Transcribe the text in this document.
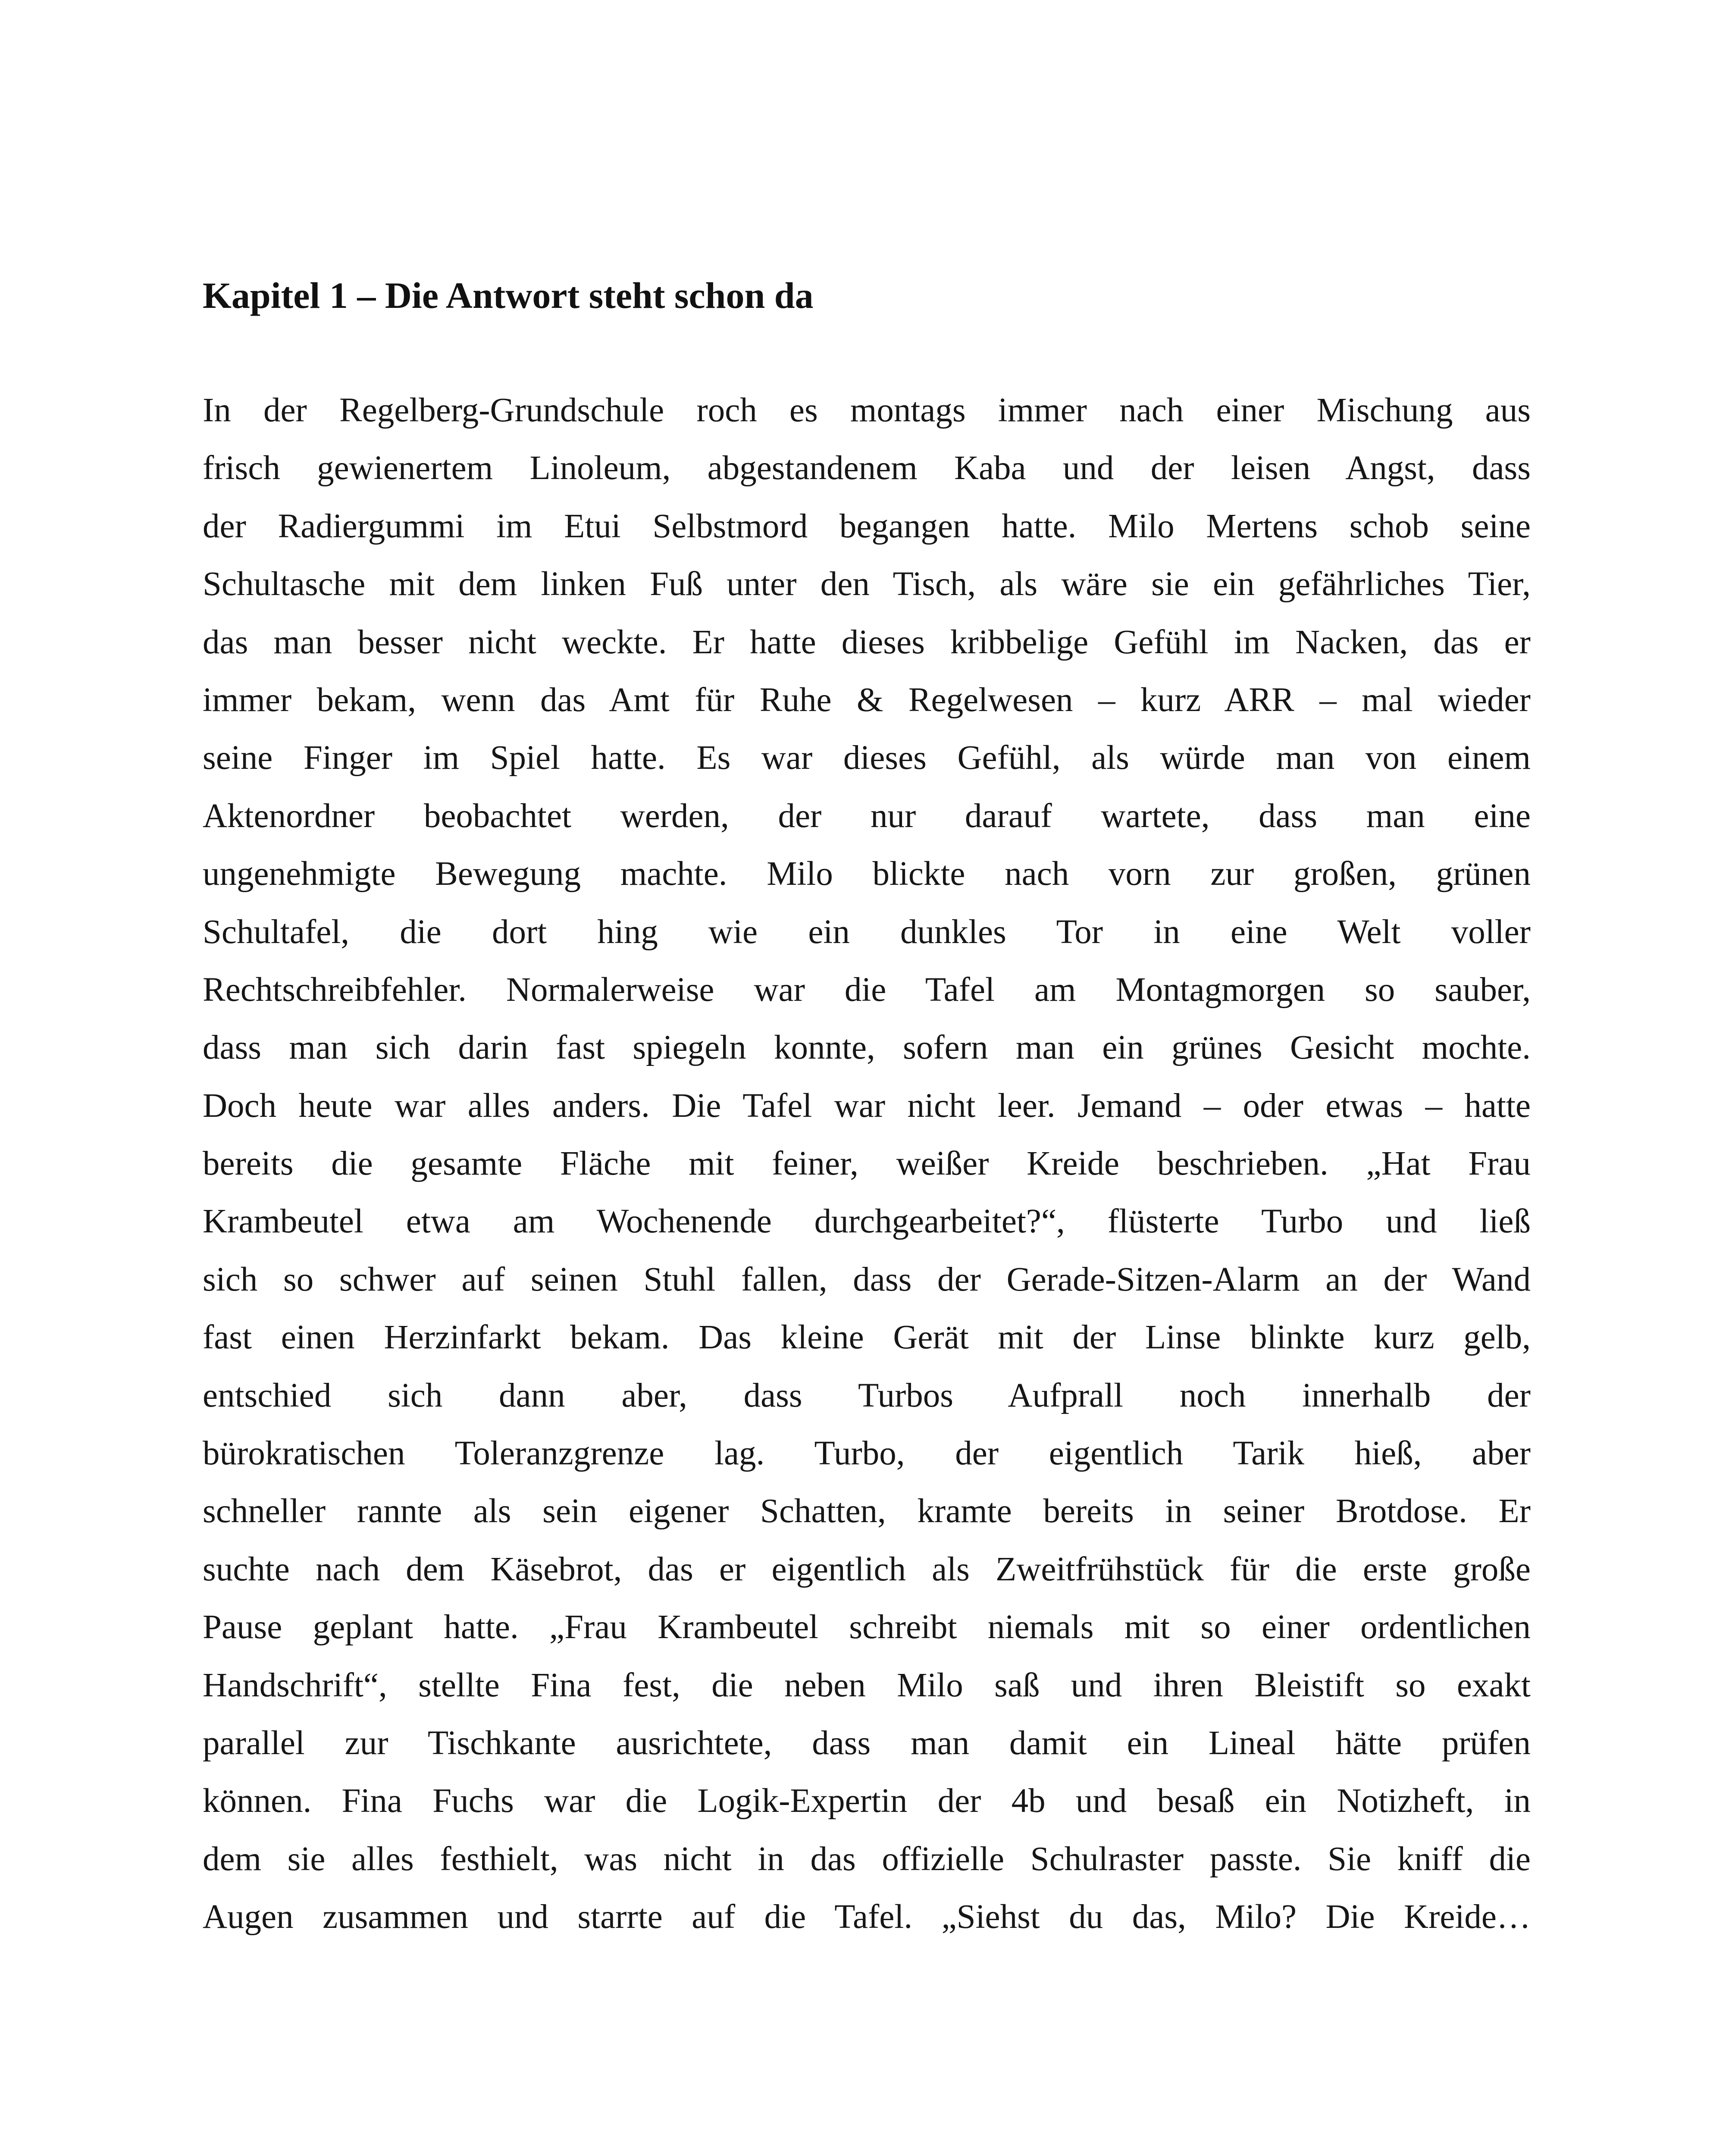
Kapitel 1 – Die Antwort steht schon da
In der Regelberg-Grundschule roch es montags immer nach einer Mischung aus
frisch gewienertem Linoleum, abgestandenem Kaba und der leisen Angst, dass
der Radiergummi im Etui Selbstmord begangen hatte. Milo Mertens schob seine
Schultasche mit dem linken Fuß unter den Tisch, als wäre sie ein gefährliches Tier,
das man besser nicht weckte. Er hatte dieses kribbelige Gefühl im Nacken, das er
immer bekam, wenn das Amt für Ruhe & Regelwesen – kurz ARR – mal wieder
seine Finger im Spiel hatte. Es war dieses Gefühl, als würde man von einem
Aktenordner beobachtet werden, der nur darauf wartete, dass man eine
ungenehmigte Bewegung machte. Milo blickte nach vorn zur großen, grünen
Schultafel, die dort hing wie ein dunkles Tor in eine Welt voller
Rechtschreibfehler. Normalerweise war die Tafel am Montagmorgen so sauber,
dass man sich darin fast spiegeln konnte, sofern man ein grünes Gesicht mochte.
Doch heute war alles anders. Die Tafel war nicht leer. Jemand – oder etwas – hatte
bereits die gesamte Fläche mit feiner, weißer Kreide beschrieben. „Hat Frau
Krambeutel etwa am Wochenende durchgearbeitet?“, flüsterte Turbo und ließ
sich so schwer auf seinen Stuhl fallen, dass der Gerade-Sitzen-Alarm an der Wand
fast einen Herzinfarkt bekam. Das kleine Gerät mit der Linse blinkte kurz gelb,
entschied sich dann aber, dass Turbos Aufprall noch innerhalb der
bürokratischen Toleranzgrenze lag. Turbo, der eigentlich Tarik hieß, aber
schneller rannte als sein eigener Schatten, kramte bereits in seiner Brotdose. Er
suchte nach dem Käsebrot, das er eigentlich als Zweitfrühstück für die erste große
Pause geplant hatte. „Frau Krambeutel schreibt niemals mit so einer ordentlichen
Handschrift“, stellte Fina fest, die neben Milo saß und ihren Bleistift so exakt
parallel zur Tischkante ausrichtete, dass man damit ein Lineal hätte prüfen
können. Fina Fuchs war die Logik-Expertin der 4b und besaß ein Notizheft, in
dem sie alles festhielt, was nicht in das offizielle Schulraster passte. Sie kniff die
Augen zusammen und starrte auf die Tafel. „Siehst du das, Milo? Die Kreide…
